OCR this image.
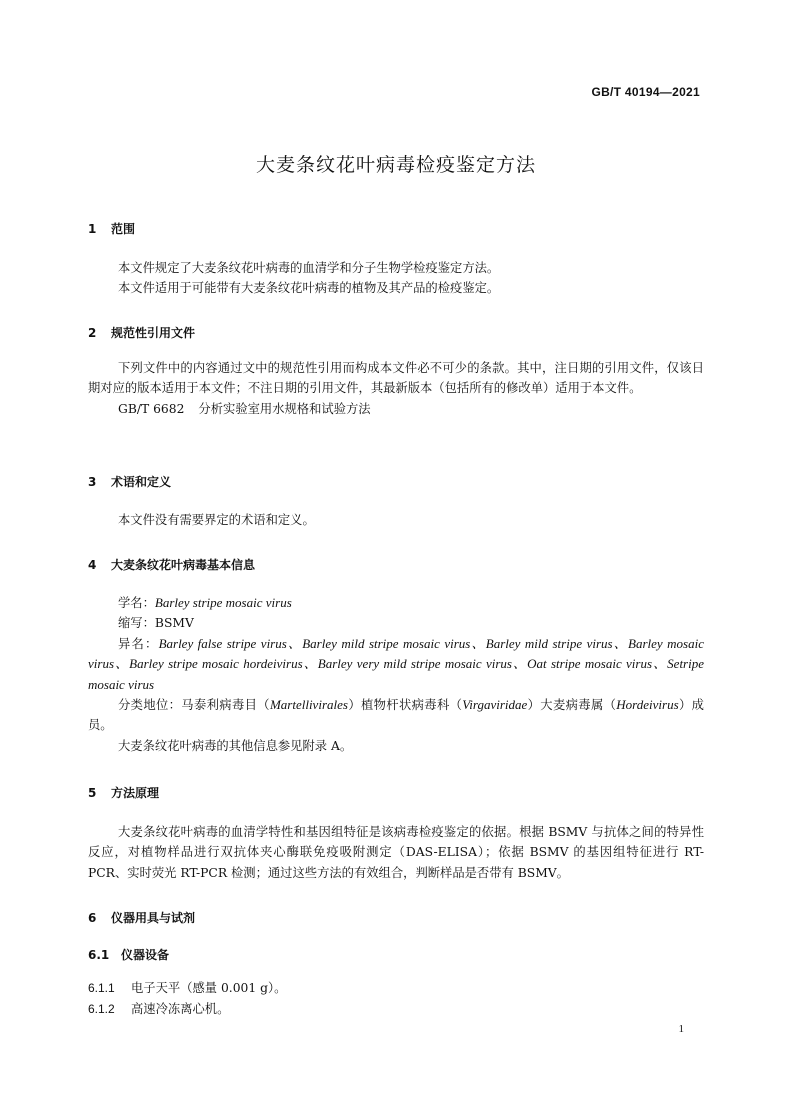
GB/T 40194—2021
大麦条纹花叶病毒检疫鉴定方法
1 范围

本文件规定了大麦条纹花叶病毒的血清学和分子生物学检疫鉴定方法。

本文件适用于可能带有大麦条纹花叶病毒的植物及其产品的检疫鉴定。

2 规范性引用文件

下列文件中的内容通过文中的规范性引用而构成本文件必不可少的条款。其中，注日期的引用文件，仅该日期对应的版本适用于本文件；不注日期的引用文件，其最新版本（包括所有的修改单）适用于本文件。

GB/T 6682 分析实验室用水规格和试验方法

3 术语和定义

本文件没有需要界定的术语和定义。

4 大麦条纹花叶病毒基本信息

学名：Barley stripe mosaic virus

缩写：BSMV

异名：Barley false stripe virus、Barley mild stripe mosaic virus、Barley mild stripe virus、Barley mosaic virus、Barley stripe mosaic hordeivirus、Barley very mild stripe mosaic virus、Oat stripe mosaic virus、Setripe mosaic virus

分类地位：马泰利病毒目（Martellivirales）植物杆状病毒科（Virgaviridae）大麦病毒属（Hordeivirus）成员。

大麦条纹花叶病毒的其他信息参见附录 A。

5 方法原理

大麦条纹花叶病毒的血清学特性和基因组特征是该病毒检疫鉴定的依据。根据 BSMV 与抗体之间的特异性反应，对植物样品进行双抗体夹心酶联免疫吸附测定（DAS-ELISA）；依据 BSMV 的基因组特征进行 RT-PCR、实时荧光 RT-PCR 检测；通过这些方法的有效组合，判断样品是否带有 BSMV。

6 仪器用具与试剂
6.1 仪器设备
6.1.1 电子天平（感量 0.001 g）。
6.1.2 高速冷冻离心机。
1
